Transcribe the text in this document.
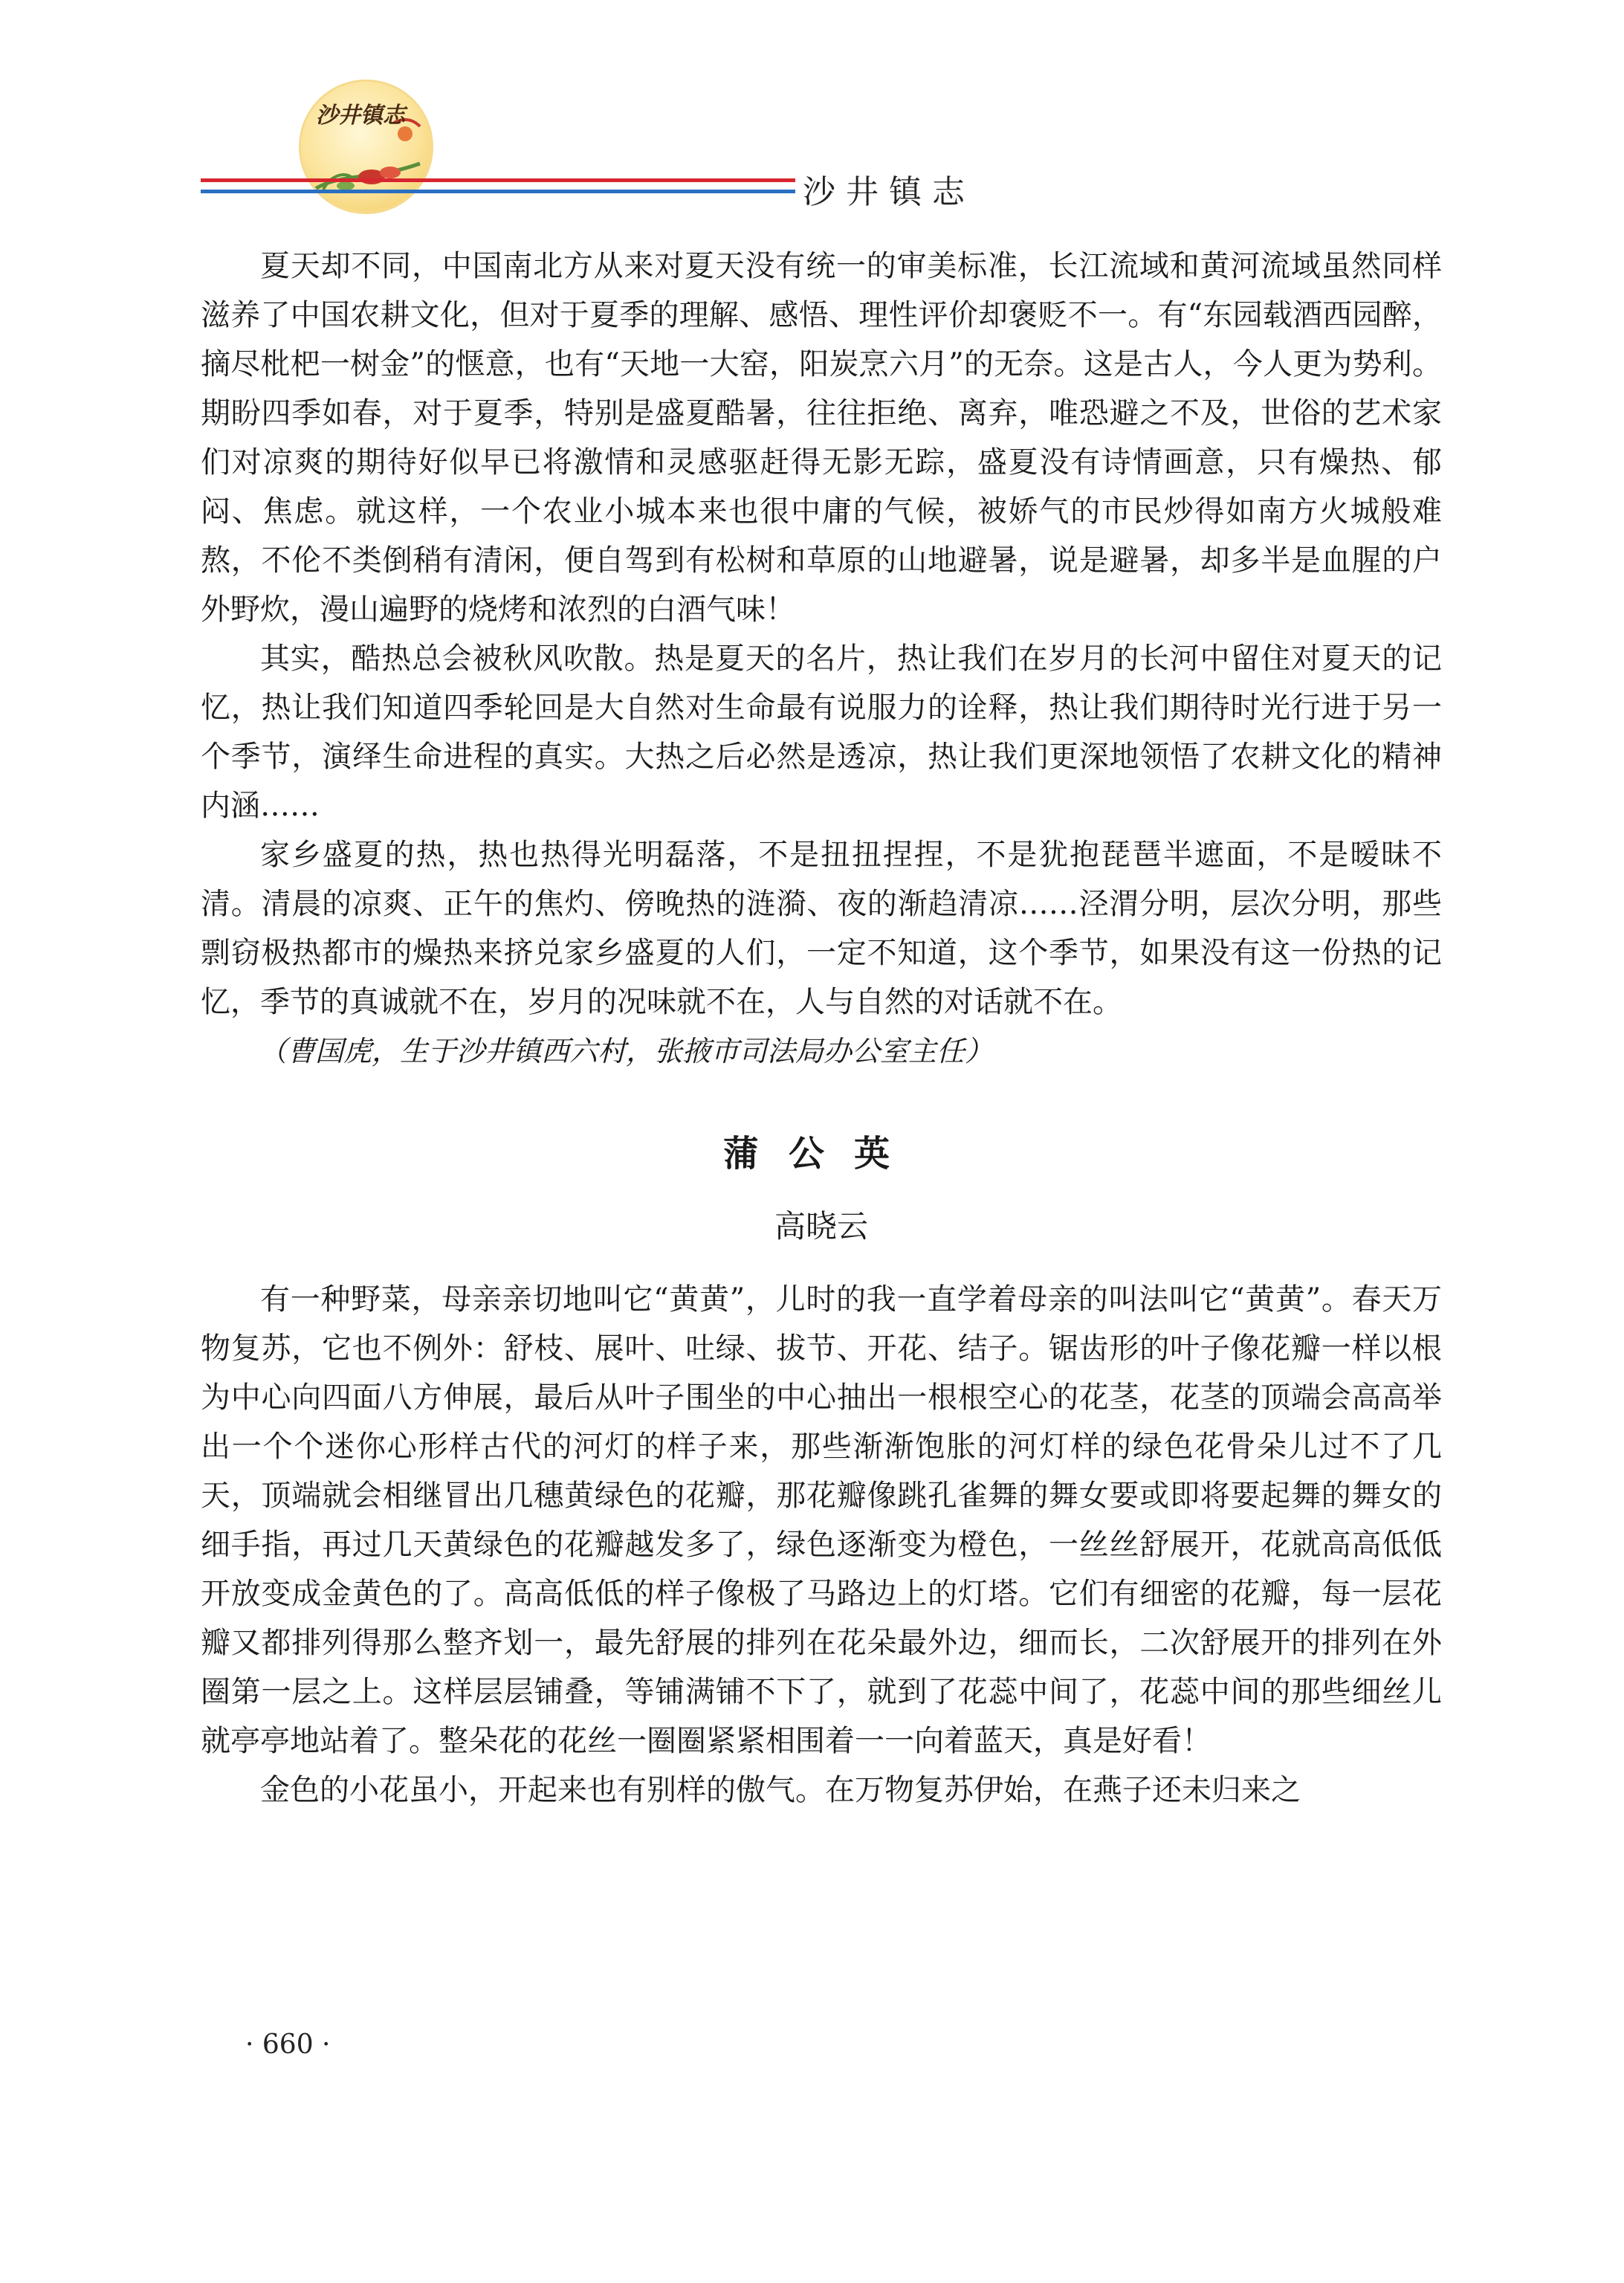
沙井镇志
沙井镇志

夏天却不同，中国南北方从来对夏天没有统一的审美标准，长江流域和黄河流域虽然同样滋养了中国农耕文化，但对于夏季的理解、感悟、理性评价却褒贬不一。有“东园载酒西园醉，摘尽枇杷一树金”的惬意，也有“天地一大窑，阳炭烹六月”的无奈。这是古人，今人更为势利。期盼四季如春，对于夏季，特别是盛夏酷暑，往往拒绝、离弃，唯恐避之不及，世俗的艺术家们对凉爽的期待好似早已将激情和灵感驱赶得无影无踪，盛夏没有诗情画意，只有燥热、郁闷、焦虑。就这样，一个农业小城本来也很中庸的气候，被娇气的市民炒得如南方火城般难熬，不伦不类倒稍有清闲，便自驾到有松树和草原的山地避暑，说是避暑，却多半是血腥的户外野炊，漫山遍野的烧烤和浓烈的白酒气味！

其实，酷热总会被秋风吹散。热是夏天的名片，热让我们在岁月的长河中留住对夏天的记忆，热让我们知道四季轮回是大自然对生命最有说服力的诠释，热让我们期待时光行进于另一个季节，演绎生命进程的真实。大热之后必然是透凉，热让我们更深地领悟了农耕文化的精神内涵……

家乡盛夏的热，热也热得光明磊落，不是扭扭捏捏，不是犹抱琵琶半遮面，不是暧昧不清。清晨的凉爽、正午的焦灼、傍晚热的涟漪、夜的渐趋清凉……泾渭分明，层次分明，那些剽窃极热都市的燥热来挤兑家乡盛夏的人们，一定不知道，这个季节，如果没有这一份热的记忆，季节的真诚就不在，岁月的况味就不在，人与自然的对话就不在。

（曹国虎，生于沙井镇西六村，张掖市司法局办公室主任）
蒲公英
高晓云

有一种野菜，母亲亲切地叫它“黄黄”，儿时的我一直学着母亲的叫法叫它“黄黄”。春天万物复苏，它也不例外：舒枝、展叶、吐绿、拔节、开花、结子。锯齿形的叶子像花瓣一样以根为中心向四面八方伸展，最后从叶子围坐的中心抽出一根根空心的花茎，花茎的顶端会高高举出一个个迷你心形样古代的河灯的样子来，那些渐渐饱胀的河灯样的绿色花骨朵儿过不了几天，顶端就会相继冒出几穗黄绿色的花瓣，那花瓣像跳孔雀舞的舞女要或即将要起舞的舞女的细手指，再过几天黄绿色的花瓣越发多了，绿色逐渐变为橙色，一丝丝舒展开，花就高高低低开放变成金黄色的了。高高低低的样子像极了马路边上的灯塔。它们有细密的花瓣，每一层花瓣又都排列得那么整齐划一，最先舒展的排列在花朵最外边，细而长，二次舒展开的排列在外圈第一层之上。这样层层铺叠，等铺满铺不下了，就到了花蕊中间了，花蕊中间的那些细丝儿就亭亭地站着了。整朵花的花丝一圈圈紧紧相围着一一向着蓝天，真是好看！

金色的小花虽小，开起来也有别样的傲气。在万物复苏伊始，在燕子还未归来之

· 660 ·
